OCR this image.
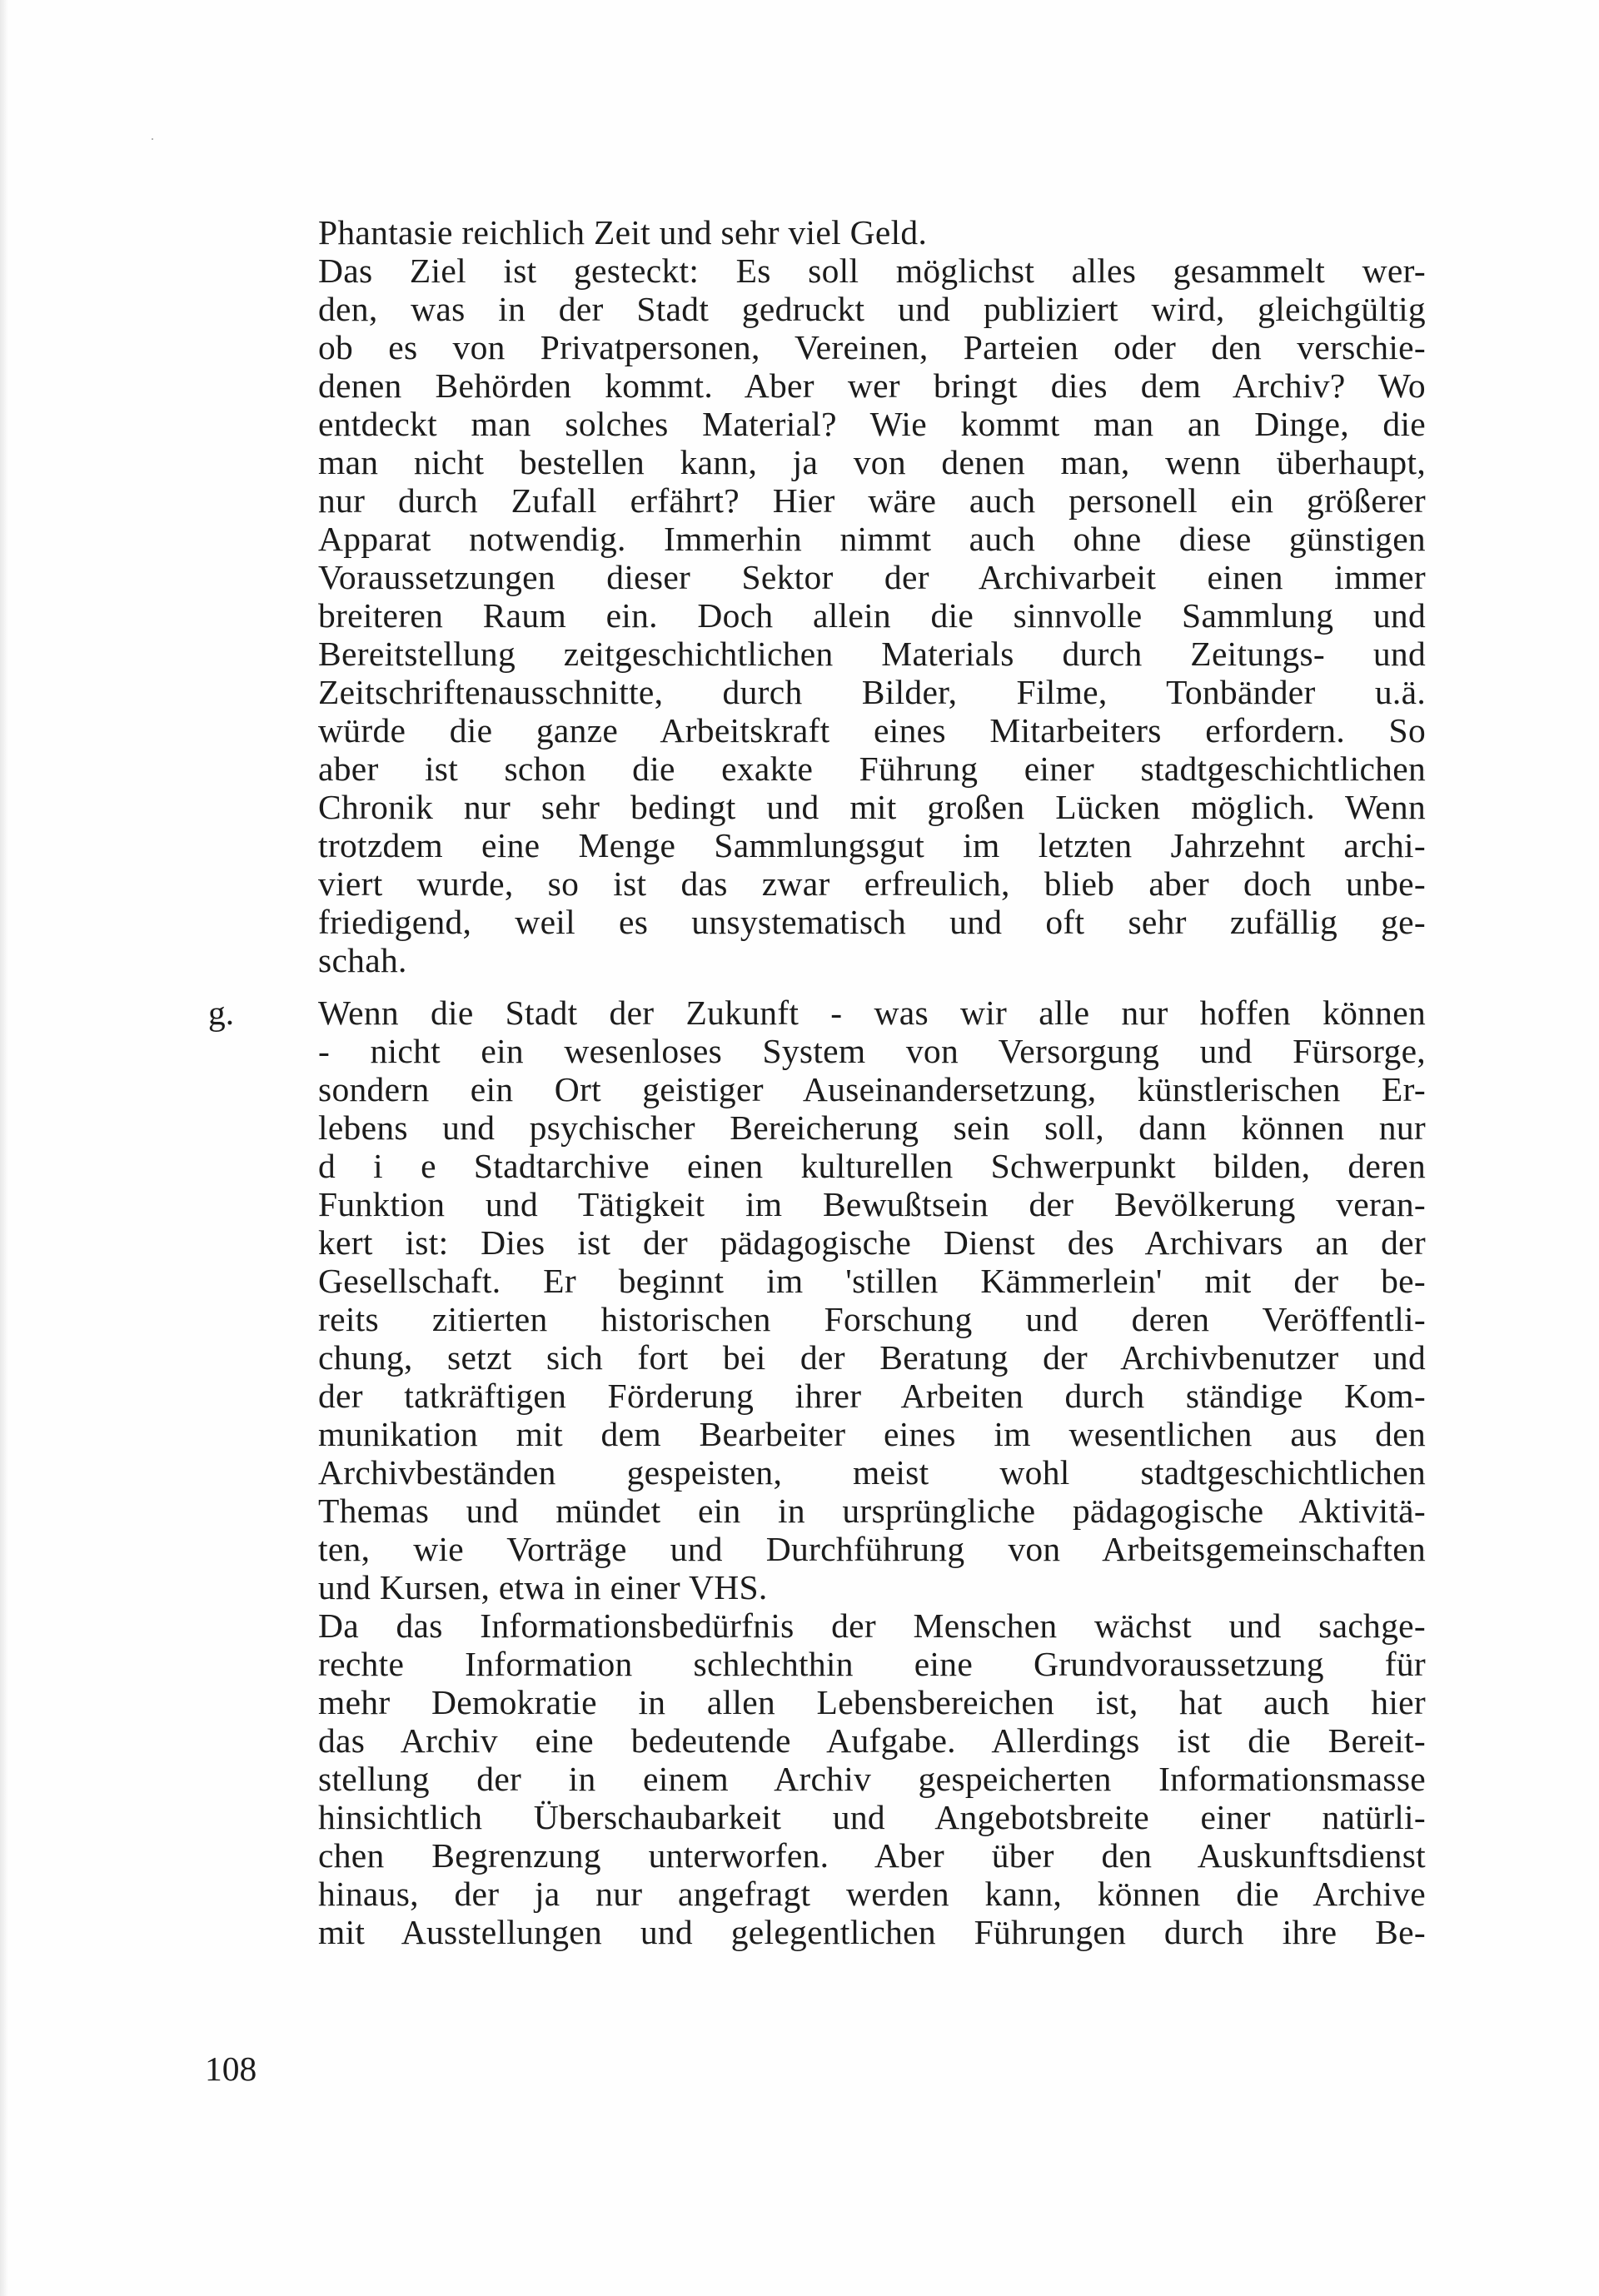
Phantasie reichlich Zeit und sehr viel Geld.
Das Ziel ist gesteckt: Es soll möglichst alles gesammelt wer-
den, was in der Stadt gedruckt und publiziert wird, gleichgültig
ob es von Privatpersonen, Vereinen, Parteien oder den verschie-
denen Behörden kommt. Aber wer bringt dies dem Archiv? Wo
entdeckt man solches Material? Wie kommt man an Dinge, die
man nicht bestellen kann, ja von denen man, wenn überhaupt,
nur durch Zufall erfährt? Hier wäre auch personell ein größerer
Apparat notwendig. Immerhin nimmt auch ohne diese günstigen
Voraussetzungen dieser Sektor der Archivarbeit einen immer
breiteren Raum ein. Doch allein die sinnvolle Sammlung und
Bereitstellung zeitgeschichtlichen Materials durch Zeitungs- und
Zeitschriftenausschnitte, durch Bilder, Filme, Tonbänder u.ä.
würde die ganze Arbeitskraft eines Mitarbeiters erfordern. So
aber ist schon die exakte Führung einer stadtgeschichtlichen
Chronik nur sehr bedingt und mit großen Lücken möglich. Wenn
trotzdem eine Menge Sammlungsgut im letzten Jahrzehnt archi-
viert wurde, so ist das zwar erfreulich, blieb aber doch unbe-
friedigend, weil es unsystematisch und oft sehr zufällig ge-
schah.
g. Wenn die Stadt der Zukunft - was wir alle nur hoffen können
- nicht ein wesenloses System von Versorgung und Fürsorge,
sondern ein Ort geistiger Auseinandersetzung, künstlerischen Er-
lebens und psychischer Bereicherung sein soll, dann können nur
d i e Stadtarchive einen kulturellen Schwerpunkt bilden, deren
Funktion und Tätigkeit im Bewußtsein der Bevölkerung veran-
kert ist: Dies ist der pädagogische Dienst des Archivars an der
Gesellschaft. Er beginnt im 'stillen Kämmerlein' mit der be-
reits zitierten historischen Forschung und deren Veröffentli-
chung, setzt sich fort bei der Beratung der Archivbenutzer und
der tatkräftigen Förderung ihrer Arbeiten durch ständige Kom-
munikation mit dem Bearbeiter eines im wesentlichen aus den
Archivbeständen gespeisten, meist wohl stadtgeschichtlichen
Themas und mündet ein in ursprüngliche pädagogische Aktivitä-
ten, wie Vorträge und Durchführung von Arbeitsgemeinschaften
und Kursen, etwa in einer VHS.
Da das Informationsbedürfnis der Menschen wächst und sachge-
rechte Information schlechthin eine Grundvoraussetzung für
mehr Demokratie in allen Lebensbereichen ist, hat auch hier
das Archiv eine bedeutende Aufgabe. Allerdings ist die Bereit-
stellung der in einem Archiv gespeicherten Informationsmasse
hinsichtlich Überschaubarkeit und Angebotsbreite einer natürli-
chen Begrenzung unterworfen. Aber über den Auskunftsdienst
hinaus, der ja nur angefragt werden kann, können die Archive
mit Ausstellungen und gelegentlichen Führungen durch ihre Be-
108
